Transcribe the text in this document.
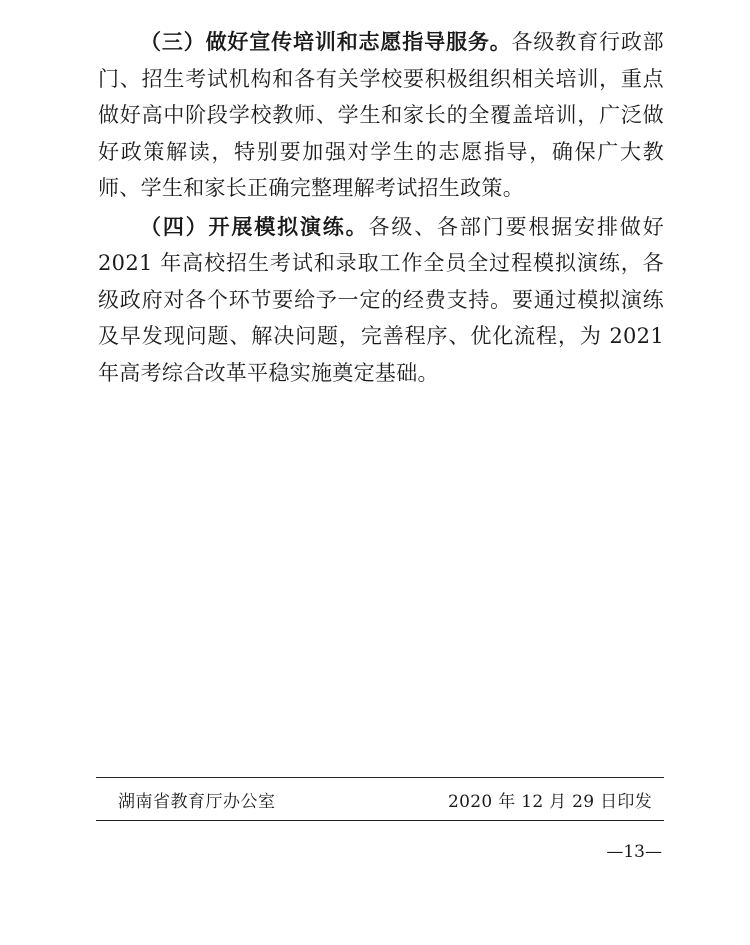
（三）做好宣传培训和志愿指导服务。各级教育行政部门、招生考试机构和各有关学校要积极组织相关培训，重点做好高中阶段学校教师、学生和家长的全覆盖培训，广泛做好政策解读，特别要加强对学生的志愿指导，确保广大教师、学生和家长正确完整理解考试招生政策。

（四）开展模拟演练。各级、各部门要根据安排做好 2021 年高校招生考试和录取工作全员全过程模拟演练，各级政府对各个环节要给予一定的经费支持。要通过模拟演练及早发现问题、解决问题，完善程序、优化流程，为 2021 年高考综合改革平稳实施奠定基础。

湖南省教育厅办公室	2020 年 12 月 29 日印发
—13—
